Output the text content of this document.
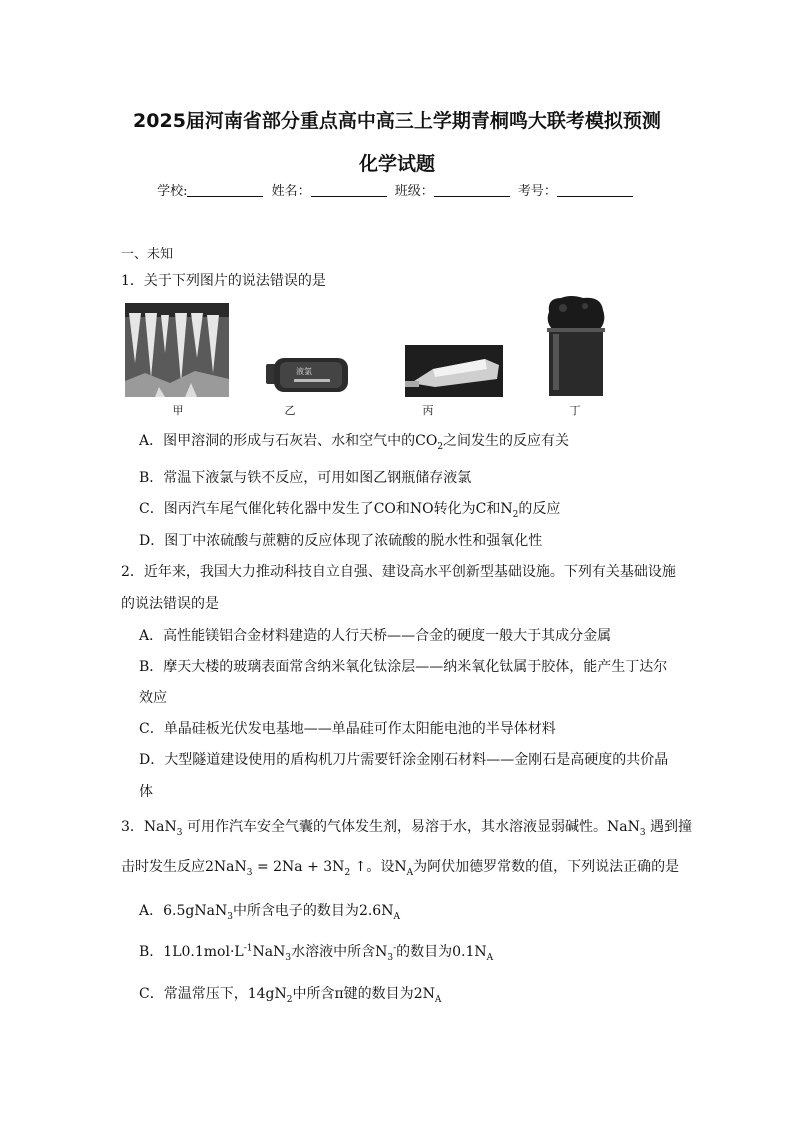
2025届河南省部分重点高中高三上学期青桐鸣大联考模拟预测
化学试题
学校:	姓名：	班级：	考号：
一、未知
1．关于下列图片的说法错误的是
甲
液氯
乙	丙	丁
A．图甲溶洞的形成与石灰岩、水和空气中的$CO_2$之间发生的反应有关
B．常温下液氯与铁不反应，可用如图乙钢瓶储存液氯
C．图丙汽车尾气催化转化器中发生了CO和NO转化为C和$N_2$的反应
D．图丁中浓硫酸与蔗糖的反应体现了浓硫酸的脱水性和强氧化性
2．近年来，我国大力推动科技自立自强、建设高水平创新型基础设施。下列有关基础设施
的说法错误的是
A．高性能镁铝合金材料建造的人行天桥——合金的硬度一般大于其成分金属
B．摩天大楼的玻璃表面常含纳米氧化钛涂层——纳米氧化钛属于胶体，能产生丁达尔
效应
C．单晶硅板光伏发电基地——单晶硅可作太阳能电池的半导体材料
D．大型隧道建设使用的盾构机刀片需要钎涂金刚石材料——金刚石是高硬度的共价晶
体
3．NaN$_3$ 可用作汽车安全气囊的气体发生剂，易溶于水，其水溶液显弱碱性。NaN$_3$ 遇到撞
击时发生反应$2NaN_3 = 2Na + 3N_2$ ↑。设$N_A$为阿伏加德罗常数的值，下列说法正确的是
A．6.5gNaN$_3$中所含电子的数目为$2.6N_A$
B．$1L0.1mol\cdot L^{-1}NaN_3$水溶液中所含$N_3^-$的数目为$0.1N_A$
C．常温常压下，$14gN_2$中所含π键的数目为$2N_A$
